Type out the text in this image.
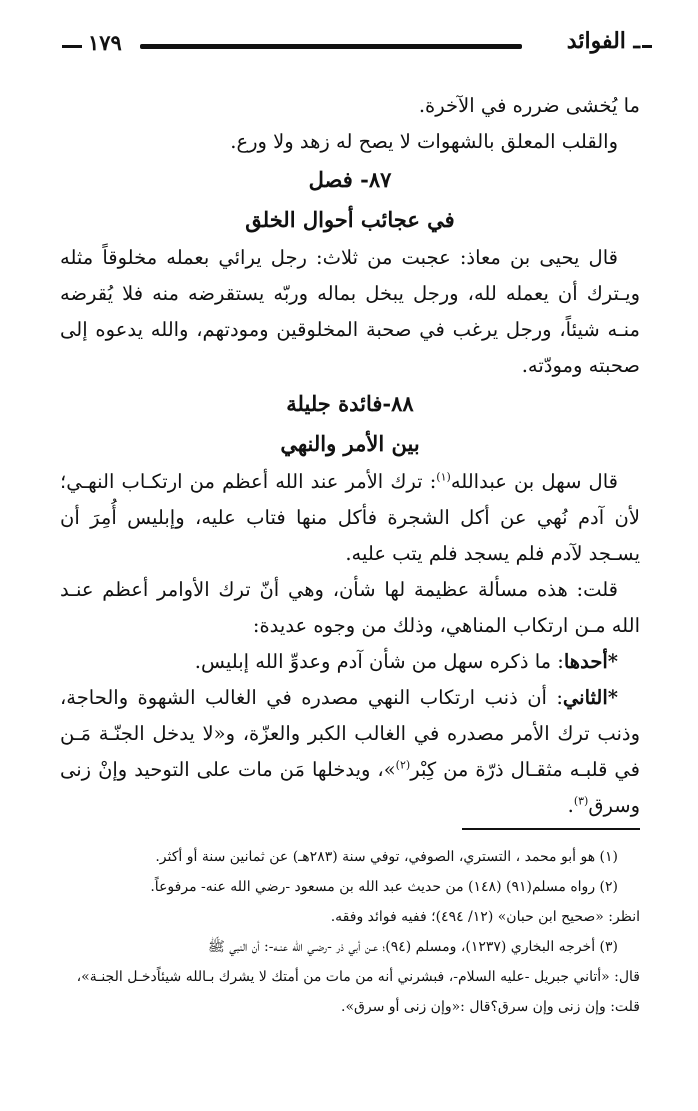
ـ الفوائد
١٧٩

ما يُخشى ضرره في الآخرة.

والقلب المعلق بالشهوات لا يصح له زهد ولا ورع.

٨٧- فصل

في عجائب أحوال الخلق

قال يحيى بن معاذ: عجبت من ثلاث: رجل يرائي بعمله مخلوقاً مثله ويـترك أن يعمله لله، ورجل يبخل بماله وربّه يستقرضه منه فلا يُقرضه منـه شيئاً، ورجل يرغب في صحبة المخلوقين ومودتهم، والله يدعوه إلى صحبته ومودّته.

٨٨-فائدة جليلة

بين الأمر والنهي

قال سهل بن عبدالله$^{(١)}$: ترك الأمر عند الله أعظم من ارتكـاب النهـي؛ لأن آدم نُهي عن أكل الشجرة فأكل منها فتاب عليه، وإبليس أُمِرَ أن يسـجد لآدم فلم يسجد فلم يتب عليه.

قلت: هذه مسألة عظيمة لها شأن، وهي أنّ ترك الأوامر أعظم عنـد الله مـن ارتكاب المناهي، وذلك من وجوه عديدة:

*أحدها: ما ذكره سهل من شأن آدم وعدوِّ الله إبليس.

*الثاني: أن ذنب ارتكاب النهي مصدره في الغالب الشهوة والحاجة، وذنب ترك الأمر مصدره في الغالب الكبر والعزّة، و«لا يدخل الجنّـة مَـن في قلبـه مثقـال ذرّة من كِبْر$^{(٢)}$»، ويدخلها مَن مات على التوحيد وإنْ زنى وسرق$^{(٣)}$.

(١) هو أبو محمد ، التستري، الصوفي، توفي سنة (٢٨٣هـ) عن ثمانين سنة أو أكثر.

(٢) رواه مسلم(٩١) (١٤٨) من حديث عبد الله بن مسعود -رضي الله عنه- مرفوعاً.

انظر: «صحيح ابن حبان» (١٢/ ٤٩٤)؛ ففيه فوائد وفقه.

(٣) أخرجه البخاري (١٢٣٧)، ومسلم (٩٤)؛ عـن أبي ذر -رضـي الله عنـه-: أن النبي ﷺ

قال: «أتاني جبريل -عليه السلام-، فبشرني أنه من مات من أمتك لا يشرك بـالله شيئاًدخـل الجنـة»،

قلت: وإن زنى وإن سرق؟قال :«وإن زنى أو سرق».
